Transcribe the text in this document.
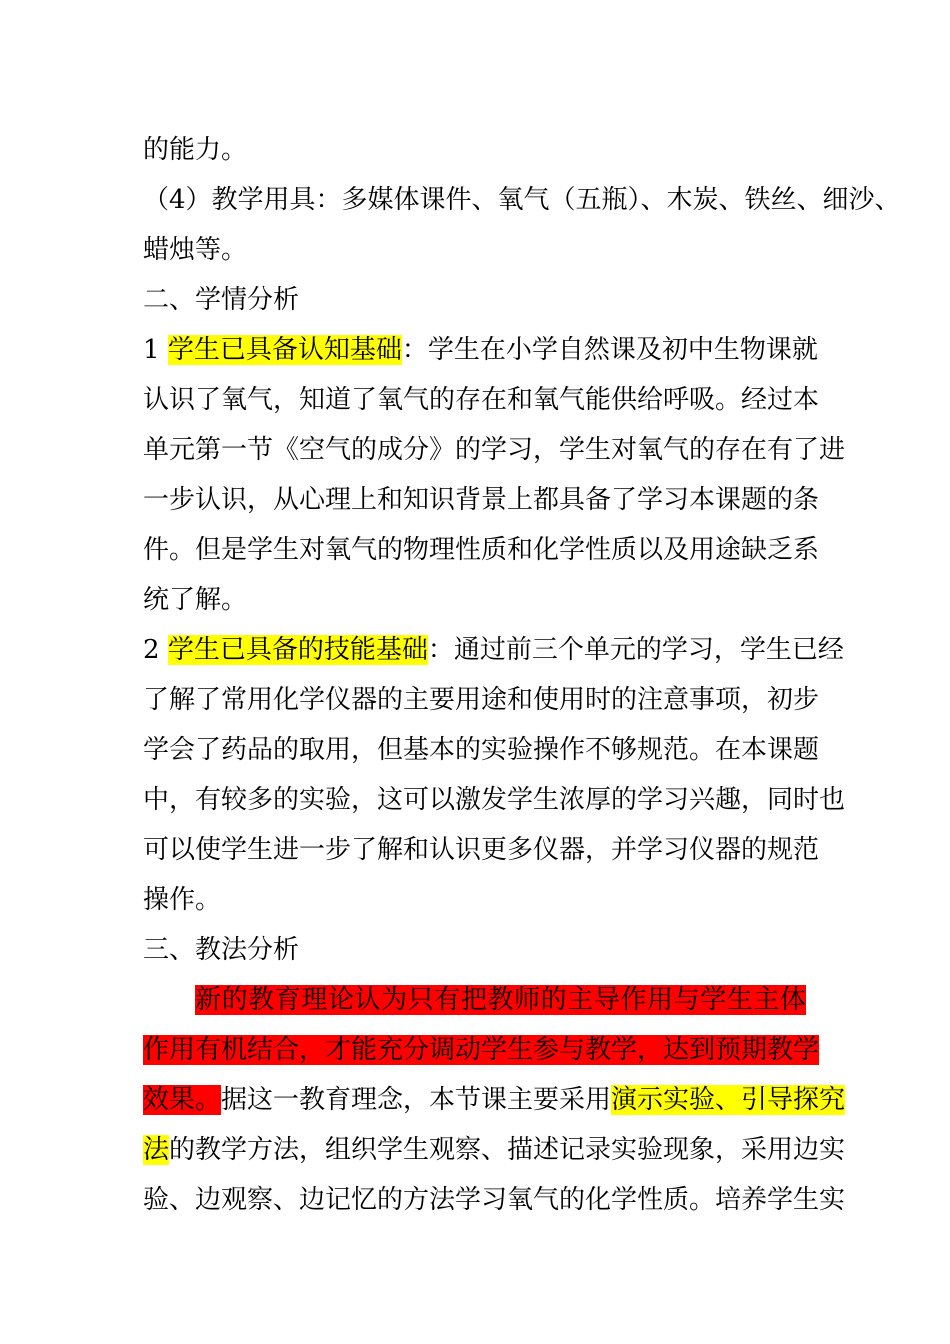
的能力。
（4）教学用具：多媒体课件、氧气（五瓶）、木炭、铁丝、细沙、
蜡烛等。
二、学情分析
1 学生已具备认知基础：学生在小学自然课及初中生物课就
认识了氧气，知道了氧气的存在和氧气能供给呼吸。经过本
单元第一节《空气的成分》的学习，学生对氧气的存在有了进
一步认识，从心理上和知识背景上都具备了学习本课题的条
件。但是学生对氧气的物理性质和化学性质以及用途缺乏系
统了解。
2 学生已具备的技能基础：通过前三个单元的学习，学生已经
了解了常用化学仪器的主要用途和使用时的注意事项，初步
学会了药品的取用，但基本的实验操作不够规范。在本课题
中，有较多的实验，这可以激发学生浓厚的学习兴趣，同时也
可以使学生进一步了解和认识更多仪器，并学习仪器的规范
操作。
三、教法分析
新的教育理论认为只有把教师的主导作用与学生主体
作用有机结合，才能充分调动学生参与教学，达到预期教学
效果。据这一教育理念，本节课主要采用演示实验、引导探究
法的教学方法，组织学生观察、描述记录实验现象，采用边实
验、边观察、边记忆的方法学习氧气的化学性质。培养学生实
